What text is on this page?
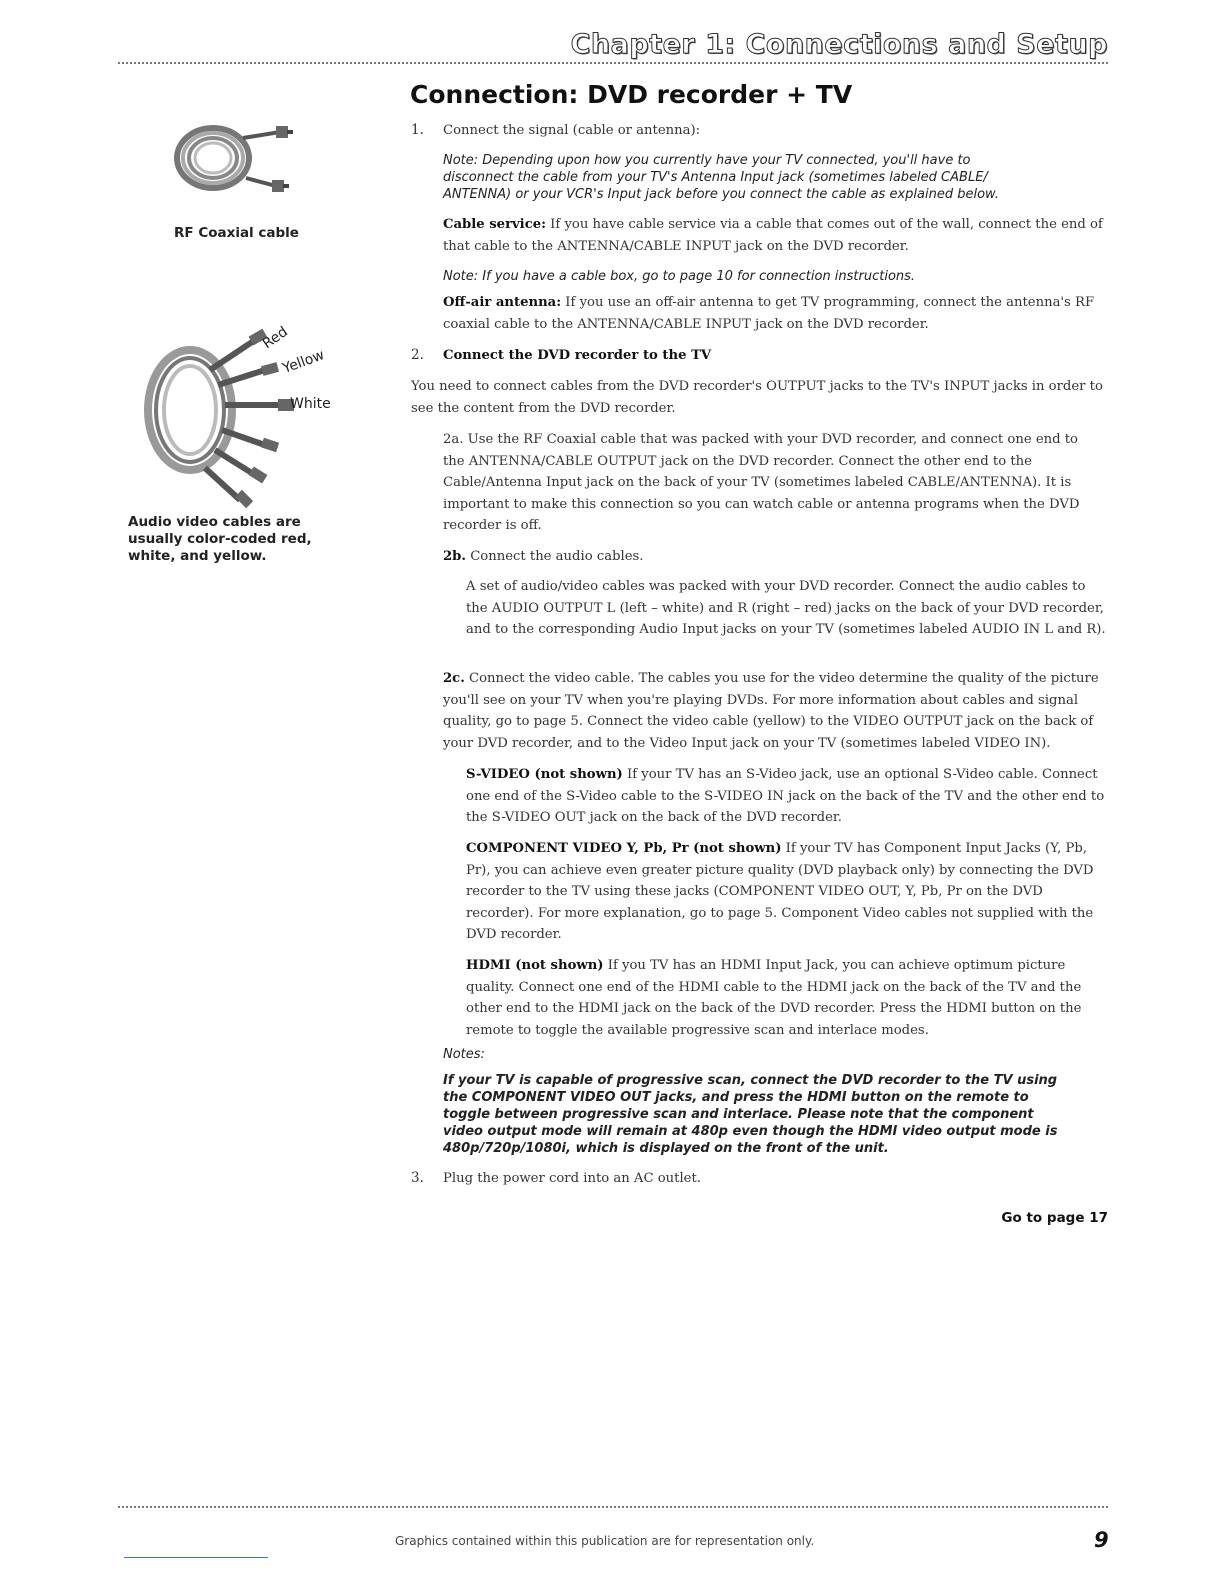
Chapter 1: Connections and Setup
RF Coaxial cable
Red
Yellow
White
Audio video cables are usually color-coded red, white, and yellow.
Connection: DVD recorder + TV
1. Connect the signal (cable or antenna):
Note: Depending upon how you currently have your TV connected, you'll have to disconnect the cable from your TV's Antenna Input jack (sometimes labeled CABLE/ ANTENNA) or your VCR's Input jack before you connect the cable as explained below.
Cable service: If you have cable service via a cable that comes out of the wall, connect the end of that cable to the ANTENNA/CABLE INPUT jack on the DVD recorder.
Note: If you have a cable box, go to page 10 for connection instructions.
Off-air antenna: If you use an off-air antenna to get TV programming, connect the antenna's RF coaxial cable to the ANTENNA/CABLE INPUT jack on the DVD recorder.
2. Connect the DVD recorder to the TV
You need to connect cables from the DVD recorder's OUTPUT jacks to the TV's INPUT jacks in order to see the content from the DVD recorder.
2a. Use the RF Coaxial cable that was packed with your DVD recorder, and connect one end to the ANTENNA/CABLE OUTPUT jack on the DVD recorder. Connect the other end to the Cable/Antenna Input jack on the back of your TV (sometimes labeled CABLE/ANTENNA). It is important to make this connection so you can watch cable or antenna programs when the DVD recorder is off.
2b. Connect the audio cables.
A set of audio/video cables was packed with your DVD recorder. Connect the audio cables to the AUDIO OUTPUT L (left – white) and R (right – red) jacks on the back of your DVD recorder, and to the corresponding Audio Input jacks on your TV (sometimes labeled AUDIO IN L and R).
2c. Connect the video cable. The cables you use for the video determine the quality of the picture you'll see on your TV when you're playing DVDs. For more information about cables and signal quality, go to page 5. Connect the video cable (yellow) to the VIDEO OUTPUT jack on the back of your DVD recorder, and to the Video Input jack on your TV (sometimes labeled VIDEO IN).
S-VIDEO (not shown) If your TV has an S-Video jack, use an optional S-Video cable. Connect one end of the S-Video cable to the S-VIDEO IN jack on the back of the TV and the other end to the S-VIDEO OUT jack on the back of the DVD recorder.
COMPONENT VIDEO Y, Pb, Pr (not shown) If your TV has Component Input Jacks (Y, Pb, Pr), you can achieve even greater picture quality (DVD playback only) by connecting the DVD recorder to the TV using these jacks (COMPONENT VIDEO OUT, Y, Pb, Pr on the DVD recorder). For more explanation, go to page 5. Component Video cables not supplied with the DVD recorder.
HDMI (not shown) If you TV has an HDMI Input Jack, you can achieve optimum picture quality. Connect one end of the HDMI cable to the HDMI jack on the back of the TV and the other end to the HDMI jack on the back of the DVD recorder. Press the HDMI button on the remote to toggle the available progressive scan and interlace modes.
Notes:
If your TV is capable of progressive scan, connect the DVD recorder to the TV using the COMPONENT VIDEO OUT jacks, and press the HDMI button on the remote to toggle between progressive scan and interlace. Please note that the component video output mode will remain at 480p even though the HDMI video output mode is 480p/720p/1080i, which is displayed on the front of the unit.
3. Plug the power cord into an AC outlet.
Go to page 17
Graphics contained within this publication are for representation only.	9
